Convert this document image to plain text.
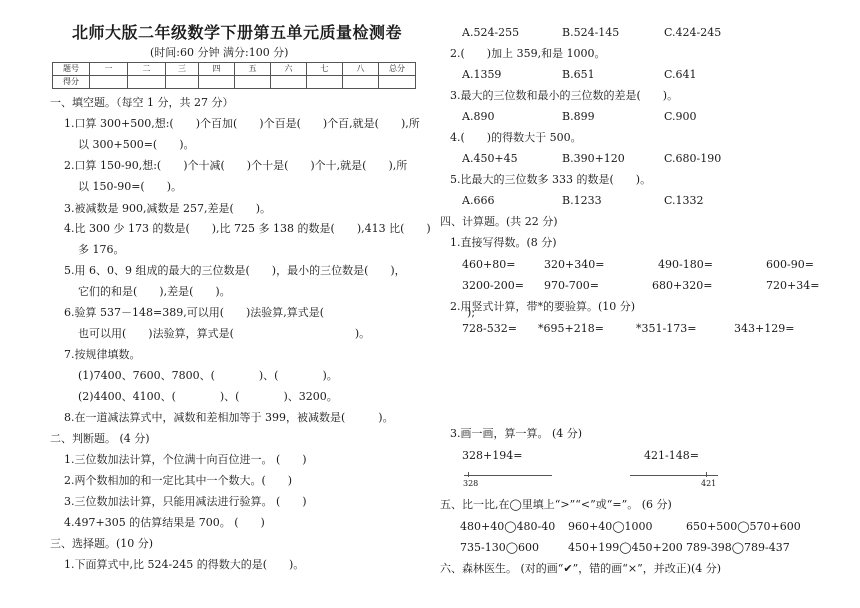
北师大版二年级数学下册第五单元质量检测卷
(时间:60 分钟 满分:100 分)
题号	一	二	三	四	五	六	七	八	总分
得分									
一、填空题。（每空 1 分，共 27 分）
1.口算 300+500,想:(　　)个百加(　　)个百是(　　)个百,就是(　　),所
以 300+500=(　　)。
2.口算 150-90,想:(　　)个十减(　　)个十是(　　)个十,就是(　　),所
以 150-90=(　　)。
3.被减数是 900,减数是 257,差是(　　)。
4.比 300 少 173 的数是(　　),比 725 多 138 的数是(　　),413 比(　　)
多 176。
5.用 6、0、9 组成的最大的三位数是(　　)，最小的三位数是(　　)，
它们的和是(　　),差是(　　)。
6.验算 537－148=389,可以用(　　)法验算,算式是(　　　　　　　　　　　　　);
也可以用(　　)法验算，算式是(　　　　　　　　　　　)。
7.按规律填数。
(1)7400、7600、7800、(　　　　)、(　　　　)。
(2)4400、4100、(　　　　)、(　　　　)、3200。
8.在一道减法算式中，减数和差相加等于 399，被减数是(　　　)。
二、判断题。 (4 分)
1.三位数加法计算，个位满十向百位进一。 (　　)
2.两个数相加的和一定比其中一个数大。(　　)
3.三位数加法计算，只能用减法进行验算。 (　　)
4.497+305 的估算结果是 700。 (　　)
三、选择题。(10 分)
1.下面算式中,比 524-245 的得数大的是(　　)。
A.524-255	B.524-145	C.424-245
2.(　　)加上 359,和是 1000。
A.1359	B.651	C.641
3.最大的三位数和最小的三位数的差是(　　)。
A.890	B.899	C.900
4.(　　)的得数大于 500。
A.450+45	B.390+120	C.680-190
5.比最大的三位数多 333 的数是(　　)。
A.666	B.1233	C.1332
四、计算题。(共 22 分)
1.直接写得数。(8 分)
460+80=	320+340=	490-180=	600-90=
3200-200= 970-700=	680+320=	720+34=
2.用竖式计算，带*的要验算。(10 分)
728-532= *695+218=	*351-173=	343+129=
3.画一画，算一算。 (4 分)
328+194=	421-148=
328	421
五、比一比,在◯里填上“>”“<”或“=”。 (6 分)
480+40◯480-40 960+40◯1000	650+500◯570+600
735-130◯600	450+199◯450+200 789-398◯789-437
六、森林医生。 (对的画“✔”，错的画“×”，并改正)(4 分)
